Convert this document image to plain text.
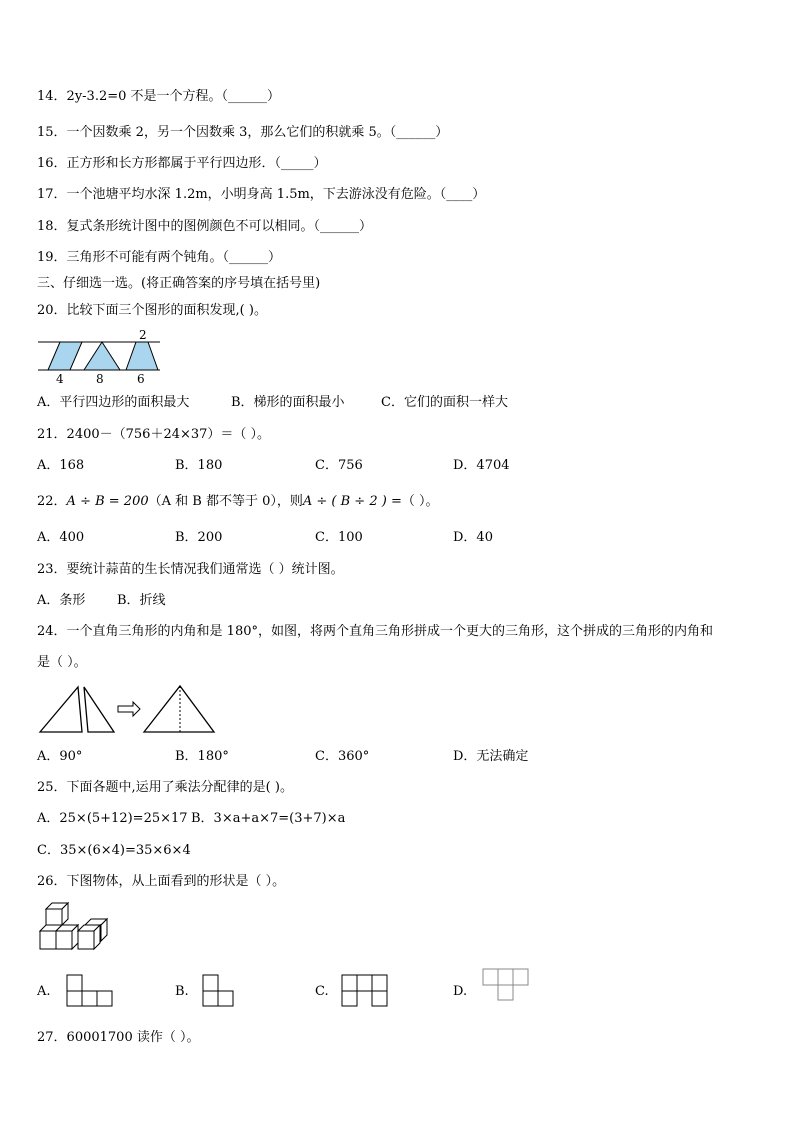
14．2y-3.2=0 不是一个方程。（______）
15．一个因数乘 2，另一个因数乘 3，那么它们的积就乘 5。（______）
16．正方形和长方形都属于平行四边形．（_____）
17．一个池塘平均水深 1.2m，小明身高 1.5m，下去游泳没有危险。（____）
18．复式条形统计图中的图例颜色不可以相同。（______）
19．三角形不可能有两个钝角。（______）
三、仔细选一选。(将正确答案的序号填在括号里)
20．比较下面三个图形的面积发现,( )。
2
4	8	6
A．平行四边形的面积最大	B．梯形的面积最小	C．它们的面积一样大
21．2400－（756＋24×37）＝（ ）。
A．168	B．180	C．756	D．4704
22．A ÷ B = 200（A 和 B 都不等于 0），则A ÷ ( B ÷ 2 ) =（ ）。
A．400	B．200	C．100	D．40
23．要统计蒜苗的生长情况我们通常选（ ）统计图。
A．条形 B．折线
24．一个直角三角形的内角和是 180°，如图，将两个直角三角形拼成一个更大的三角形，这个拼成的三角形的内角和
是（ ）。
A．90°	B．180°	C．360°	D．无法确定
25．下面各题中,运用了乘法分配律的是( )。
A．25×(5+12)=25×17 B．3×a+a×7=(3+7)×a
C．35×(6×4)=35×6×4
26．下图物体，从上面看到的形状是（ ）。
A.	B.	C.	D.
27．60001700 读作（ ）。
